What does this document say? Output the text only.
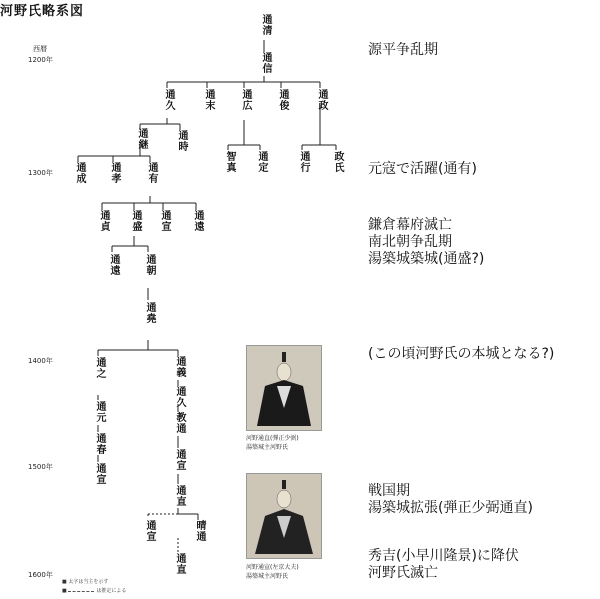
河野氏略系図
西暦
1200年
1300年
1400年
1500年
1600年
源平争乱期
元寇で活躍(通有)
鎌倉幕府滅亡
南北朝争乱期
湯築城築城(通盛?)
(この頃河野氏の本城となる?)
戦国期
湯築城拡張(弾正少弼通直)
秀吉(小早川隆景)に降伏
河野氏滅亡
通清
通信
通久	通末	通広	通俊	通政
通継	通時
智真 通定	通行 政氏
通成 通孝	通有
通貞 通盛 通宣 通遠
通遠	通朝
通堯
通之
通元
通春
通宣
通義
通久
教通
通宣
通直
晴通
通宣
通直
河野通直(弾正少弼)
湯築城主河野氏
河野通宣(左京大夫)
湯築城主河野氏
■ 太字は当主を示す
■	は推定による
